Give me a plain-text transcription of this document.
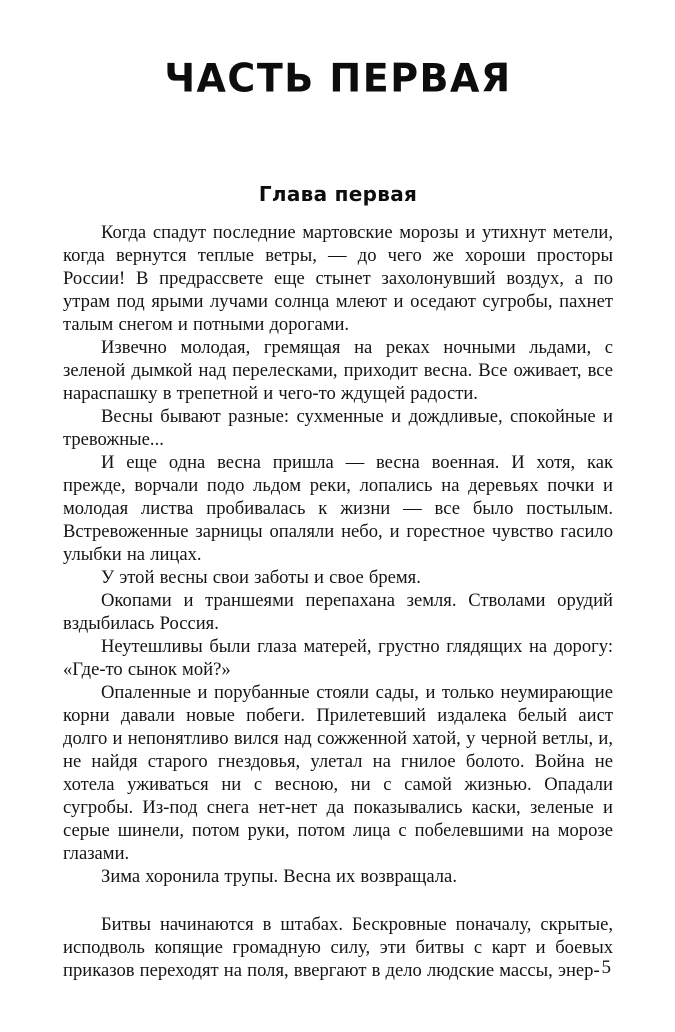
ЧАСТЬ ПЕРВАЯ
Глава первая

Когда спадут последние мартовские морозы и утихнут метели, когда вернутся теплые ветры, — до чего же хороши просторы России! В предрассвете еще стынет захолонувший воздух, а по утрам под ярыми лучами солнца млеют и оседают сугробы, пахнет талым снегом и потными дорогами.

Извечно молодая, гремящая на реках ночными льдами, с зеленой дымкой над перелесками, приходит весна. Все оживает, все нараспашку в трепетной и чего-то ждущей радости.

Весны бывают разные: сухменные и дождливые, спокойные и тревожные...

И еще одна весна пришла — весна военная. И хотя, как прежде, ворчали подо льдом реки, лопались на деревьях почки и молодая листва пробивалась к жизни — все было постылым. Встревоженные зарницы опаляли небо, и горестное чувство гасило улыбки на лицах.

У этой весны свои заботы и свое бремя.

Окопами и траншеями перепахана земля. Стволами орудий вздыбилась Россия.

Неутешливы были глаза матерей, грустно глядящих на дорогу: «Где-то сынок мой?»

Опаленные и порубанные стояли сады, и только неумирающие корни давали новые побеги. Прилетевший издалека белый аист долго и непонятливо вился над сожженной хатой, у черной ветлы, и, не найдя старого гнездовья, улетал на гнилое болото. Война не хотела уживаться ни с весною, ни с самой жизнью. Опадали сугробы. Из-под снега нет-нет да показывались каски, зеленые и серые шинели, потом руки, потом лица с побелевшими на морозе глазами.

Зима хоронила трупы. Весна их возвращала.

Битвы начинаются в штабах. Бескровные поначалу, скрытые, исподволь копящие громадную силу, эти битвы с карт и боевых приказов переходят на поля, ввергают в дело людские массы, энер- 5
